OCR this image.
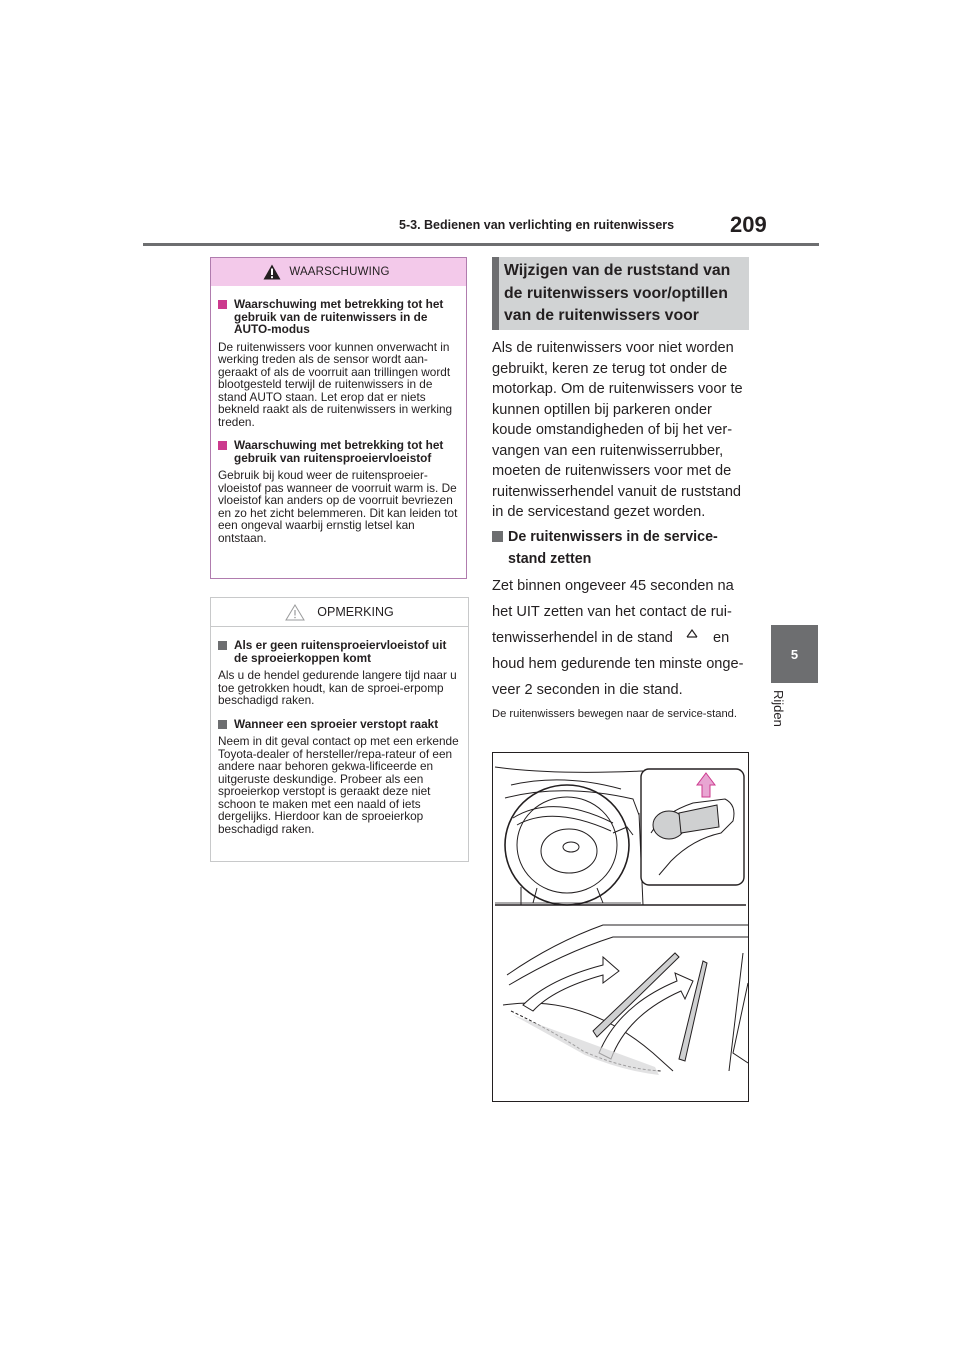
5-3. Bedienen van verlichting en ruitenwissers	209
5
Rijden
WAARSCHUWING
Waarschuwing met betrekking tot het gebruik van de ruitenwissers in de AUTO-modus
De ruitenwissers voor kunnen onverwacht in werking treden als de sensor wordt aan-geraakt of als de voorruit aan trillingen wordt blootgesteld terwijl de ruitenwissers in de stand AUTO staan. Let erop dat er niets bekneld raakt als de ruitenwissers in werking treden.
Waarschuwing met betrekking tot het gebruik van ruitensproeiervloeistof
Gebruik bij koud weer de ruitensproeier-vloeistof pas wanneer de voorruit warm is. De vloeistof kan anders op de voorruit bevriezen en zo het zicht belemmeren. Dit kan leiden tot een ongeval waarbij ernstig letsel kan ontstaan.
OPMERKING
Als er geen ruitensproeiervloeistof uit de sproeierkoppen komt
Als u de hendel gedurende langere tijd naar u toe getrokken houdt, kan de sproei-erpomp beschadigd raken.
Wanneer een sproeier verstopt raakt
Neem in dit geval contact op met een erkende Toyota-dealer of hersteller/repa-rateur of een andere naar behoren gekwa-lificeerde en uitgeruste deskundige. Probeer als een sproeierkop verstopt is geraakt deze niet schoon te maken met een naald of iets dergelijks. Hierdoor kan de sproeierkop beschadigd raken.
Wijzigen van de ruststand van de ruitenwissers voor/optillen van de ruitenwissers voor
Als de ruitenwissers voor niet worden gebruikt, keren ze terug tot onder de motorkap. Om de ruitenwissers voor te kunnen optillen bij parkeren onder koude omstandigheden of bij het ver-vangen van een ruitenwisserrubber, moeten de ruitenwissers voor met de ruitenwisserhendel vanuit de ruststand in de servicestand gezet worden.
De ruitenwissers in de service-stand zetten
Zet binnen ongeveer 45 seconden na het UIT zetten van het contact de rui-tenwisserhendel in de stand	en houd hem gedurende ten minste onge-veer 2 seconden in die stand.
De ruitenwissers bewegen naar de service-stand.
